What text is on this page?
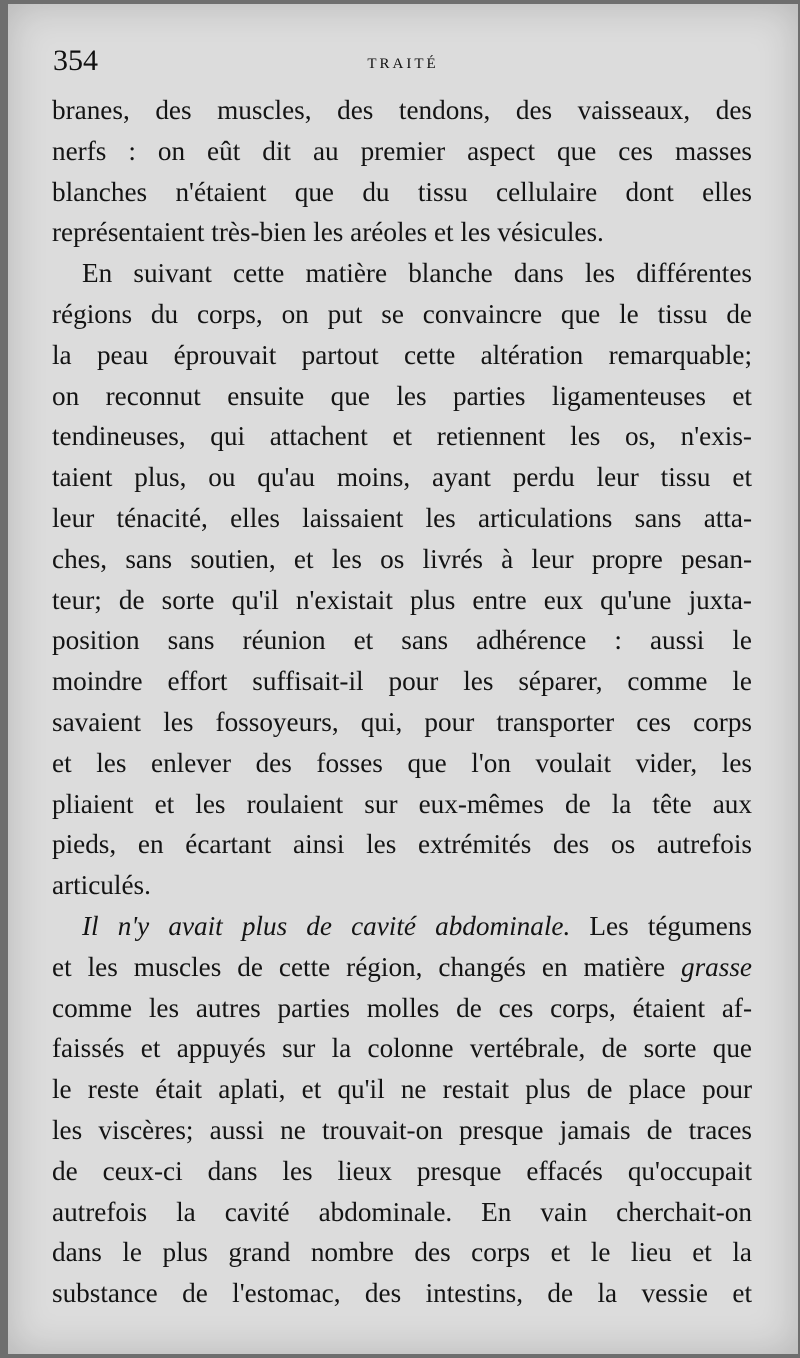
354	TRAITÉ
branes, des muscles, des tendons, des vaisseaux, des
nerfs : on eût dit au premier aspect que ces masses
blanches n'étaient que du tissu cellulaire dont elles
représentaient très-bien les aréoles et les vésicules.
En suivant cette matière blanche dans les différentes
régions du corps, on put se convaincre que le tissu de
la peau éprouvait partout cette altération remarquable;
on reconnut ensuite que les parties ligamenteuses et
tendineuses, qui attachent et retiennent les os, n'exis-
taient plus, ou qu'au moins, ayant perdu leur tissu et
leur ténacité, elles laissaient les articulations sans atta-
ches, sans soutien, et les os livrés à leur propre pesan-
teur; de sorte qu'il n'existait plus entre eux qu'une juxta-
position sans réunion et sans adhérence : aussi le
moindre effort suffisait-il pour les séparer, comme le
savaient les fossoyeurs, qui, pour transporter ces corps
et les enlever des fosses que l'on voulait vider, les
pliaient et les roulaient sur eux-mêmes de la tête aux
pieds, en écartant ainsi les extrémités des os autrefois
articulés.
Il n'y avait plus de cavité abdominale. Les tégumens
et les muscles de cette région, changés en matière grasse
comme les autres parties molles de ces corps, étaient af-
faissés et appuyés sur la colonne vertébrale, de sorte que
le reste était aplati, et qu'il ne restait plus de place pour
les viscères; aussi ne trouvait-on presque jamais de traces
de ceux-ci dans les lieux presque effacés qu'occupait
autrefois la cavité abdominale. En vain cherchait-on
dans le plus grand nombre des corps et le lieu et la
substance de l'estomac, des intestins, de la vessie et
